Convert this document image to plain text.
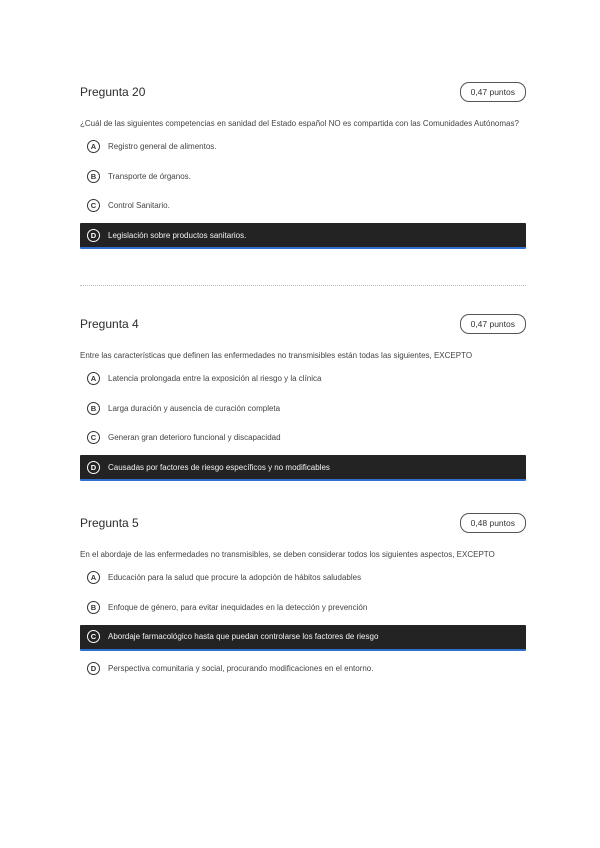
Pregunta 20	0,47 puntos
¿Cuál de las siguientes competencias en sanidad del Estado español NO es compartida con las Comunidades Autónomas?
A	Registro general de alimentos.
B	Transporte de órganos.
C	Control Sanitario.
D	Legislación sobre productos sanitarios.
Pregunta 4	0,47 puntos
Entre las características que definen las enfermedades no transmisibles están todas las siguientes, EXCEPTO
A	Latencia prolongada entre la exposición al riesgo y la clínica
B	Larga duración y ausencia de curación completa
C	Generan gran deterioro funcional y discapacidad
D	Causadas por factores de riesgo específicos y no modificables
Pregunta 5	0,48 puntos
En el abordaje de las enfermedades no transmisibles, se deben considerar todos los siguientes aspectos, EXCEPTO
A	Educación para la salud que procure la adopción de hábitos saludables
B	Enfoque de género, para evitar inequidades en la detección y prevención
C	Abordaje farmacológico hasta que puedan controlarse los factores de riesgo
D	Perspectiva comunitaria y social, procurando modificaciones en el entorno.
